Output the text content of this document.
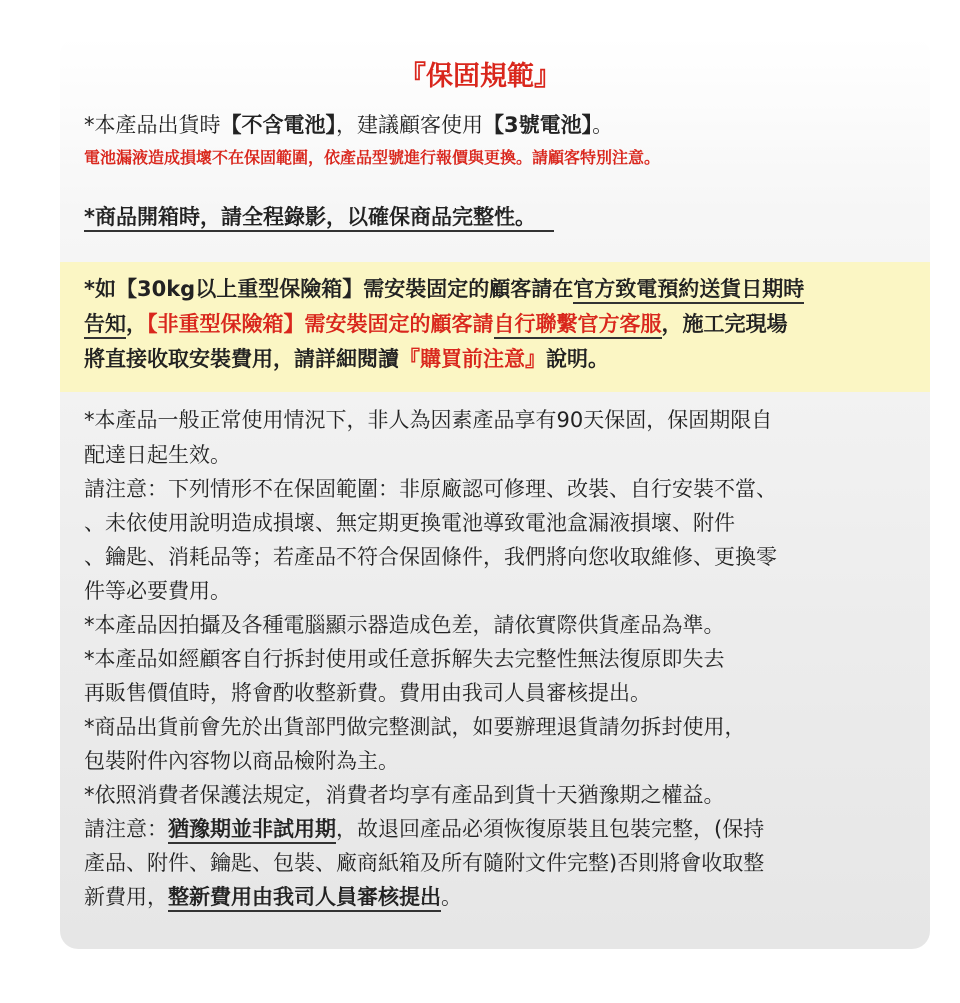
『保固規範』
*本產品出貨時【不含電池】，建議顧客使用【3號電池】。
電池漏液造成損壞不在保固範圍，依產品型號進行報價與更換。請顧客特別注意。
*商品開箱時，請全程錄影，以確保商品完整性。
*如【30kg以上重型保險箱】需安裝固定的顧客請在官方致電預約送貨日期時
告知，【非重型保險箱】需安裝固定的顧客請自行聯繫官方客服，施工完現場
將直接收取安裝費用，請詳細閱讀『購買前注意』說明。
*本產品一般正常使用情況下，非人為因素產品享有90天保固，保固期限自
配達日起生效。
請注意：下列情形不在保固範圍：非原廠認可修理、改裝、自行安裝不當、
、未依使用說明造成損壞、無定期更換電池導致電池盒漏液損壞、附件
、鑰匙、消耗品等；若產品不符合保固條件，我們將向您收取維修、更換零
件等必要費用。
*本產品因拍攝及各種電腦顯示器造成色差，請依實際供貨產品為準。
*本產品如經顧客自行拆封使用或任意拆解失去完整性無法復原即失去
再販售價值時，將會酌收整新費。費用由我司人員審核提出。
*商品出貨前會先於出貨部門做完整測試，如要辦理退貨請勿拆封使用，
包裝附件內容物以商品檢附為主。
*依照消費者保護法規定，消費者均享有產品到貨十天猶豫期之權益。
請注意：猶豫期並非試用期，故退回產品必須恢復原裝且包裝完整，(保持
產品、附件、鑰匙、包裝、廠商紙箱及所有隨附文件完整)否則將會收取整
新費用，整新費用由我司人員審核提出。
